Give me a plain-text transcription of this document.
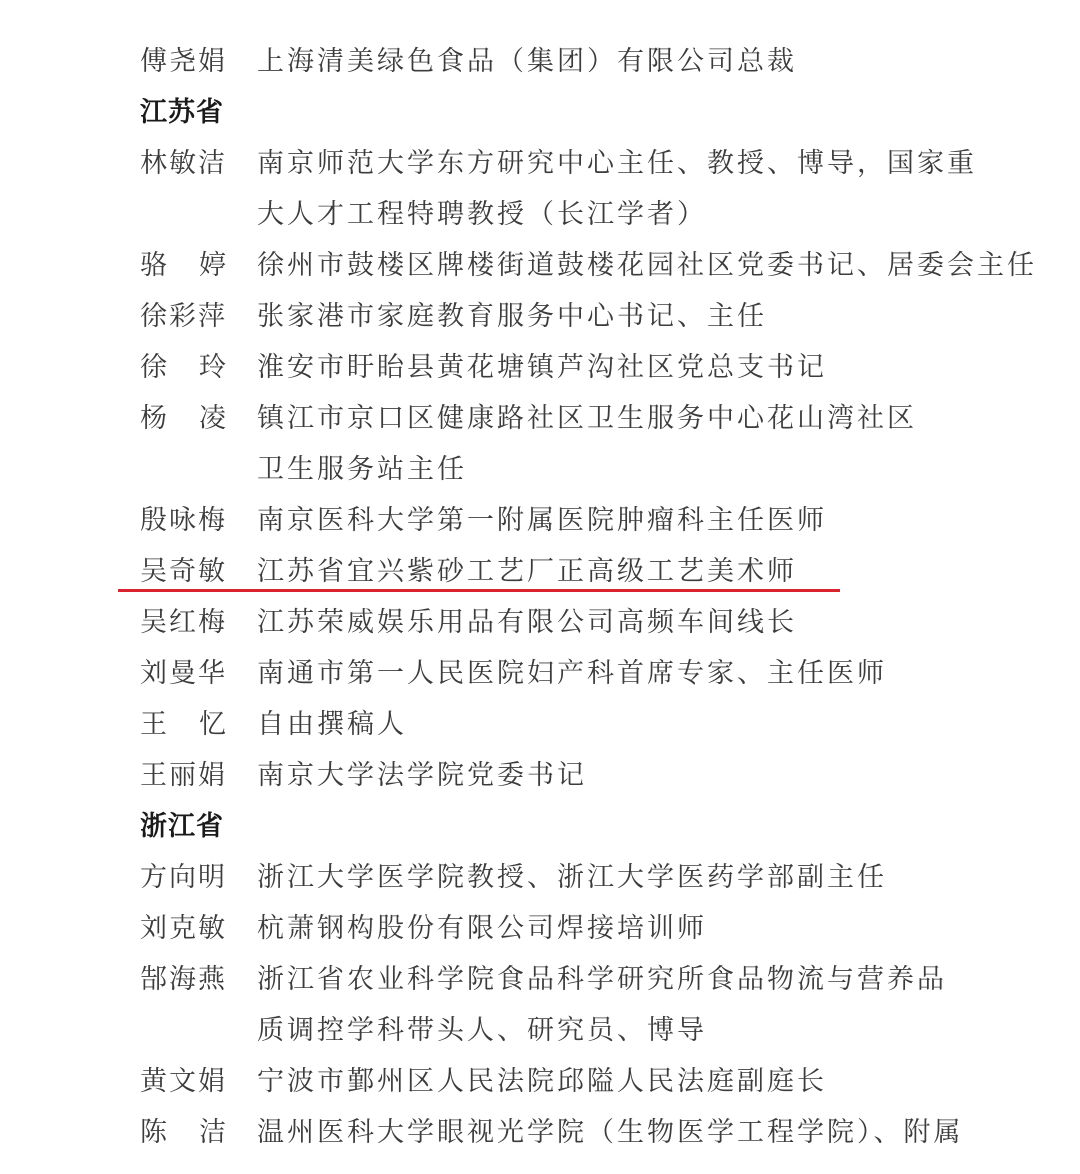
傅尧娟 上海清美绿色食品（集团）有限公司总裁
江苏省
林敏洁 南京师范大学东方研究中心主任、教授、博导，国家重
大人才工程特聘教授（长江学者）
骆 婷 徐州市鼓楼区牌楼街道鼓楼花园社区党委书记、居委会主任
徐彩萍 张家港市家庭教育服务中心书记、主任
徐 玲 淮安市盱眙县黄花塘镇芦沟社区党总支书记
杨 凌 镇江市京口区健康路社区卫生服务中心花山湾社区
卫生服务站主任
殷咏梅 南京医科大学第一附属医院肿瘤科主任医师
吴奇敏 江苏省宜兴紫砂工艺厂正高级工艺美术师
吴红梅 江苏荣威娱乐用品有限公司高频车间线长
刘曼华 南通市第一人民医院妇产科首席专家、主任医师
王 忆 自由撰稿人
王丽娟 南京大学法学院党委书记
浙江省
方向明 浙江大学医学院教授、浙江大学医药学部副主任
刘克敏 杭萧钢构股份有限公司焊接培训师
郜海燕 浙江省农业科学院食品科学研究所食品物流与营养品
质调控学科带头人、研究员、博导
黄文娟 宁波市鄞州区人民法院邱隘人民法庭副庭长
陈 洁 温州医科大学眼视光学院（生物医学工程学院）、附属
